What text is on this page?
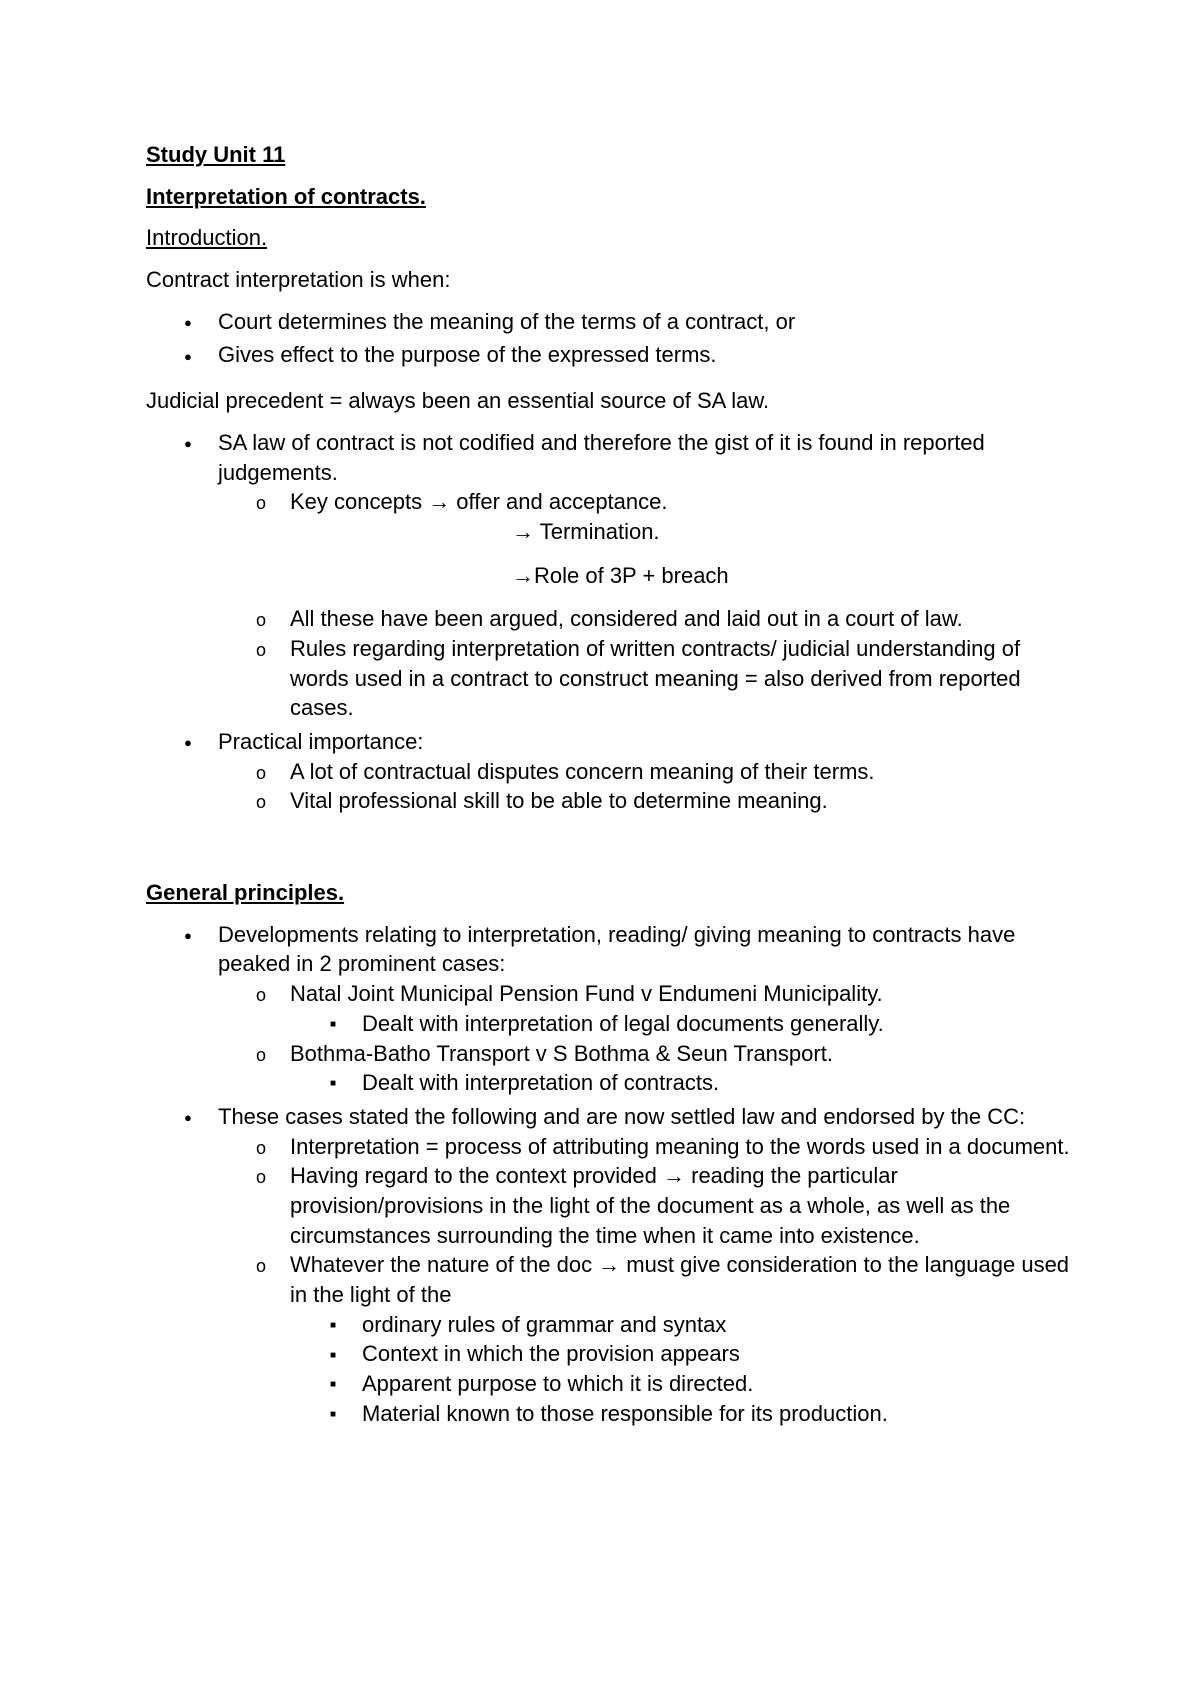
Study Unit 11

Interpretation of contracts.

Introduction.

Contract interpretation is when:

●
Court determines the meaning of the terms of a contract, or
●
Gives effect to the purpose of the expressed terms.

Judicial precedent = always been an essential source of SA law.

●
SA law of contract is not codified and therefore the gist of it is found in reported judgements.
o
Key concepts → offer and acceptance.
→ Termination.
→Role of 3P + breach
o
All these have been argued, considered and laid out in a court of law.
o
Rules regarding interpretation of written contracts/ judicial understanding of words used in a contract to construct meaning = also derived from reported cases.
●
Practical importance:
o
A lot of contractual disputes concern meaning of their terms.
o
Vital professional skill to be able to determine meaning.

General principles.

●
Developments relating to interpretation, reading/ giving meaning to contracts have peaked in 2 prominent cases:
o
Natal Joint Municipal Pension Fund v Endumeni Municipality.
■
Dealt with interpretation of legal documents generally.
o
Bothma-Batho Transport v S Bothma & Seun Transport.
■
Dealt with interpretation of contracts.
●
These cases stated the following and are now settled law and endorsed by the CC:
o
Interpretation = process of attributing meaning to the words used in a document.
o
Having regard to the context provided → reading the particular provision/provisions in the light of the document as a whole, as well as the circumstances surrounding the time when it came into existence.
o
Whatever the nature of the doc → must give consideration to the language used in the light of the
■
ordinary rules of grammar and syntax
■
Context in which the provision appears
■
Apparent purpose to which it is directed.
■
Material known to those responsible for its production.
